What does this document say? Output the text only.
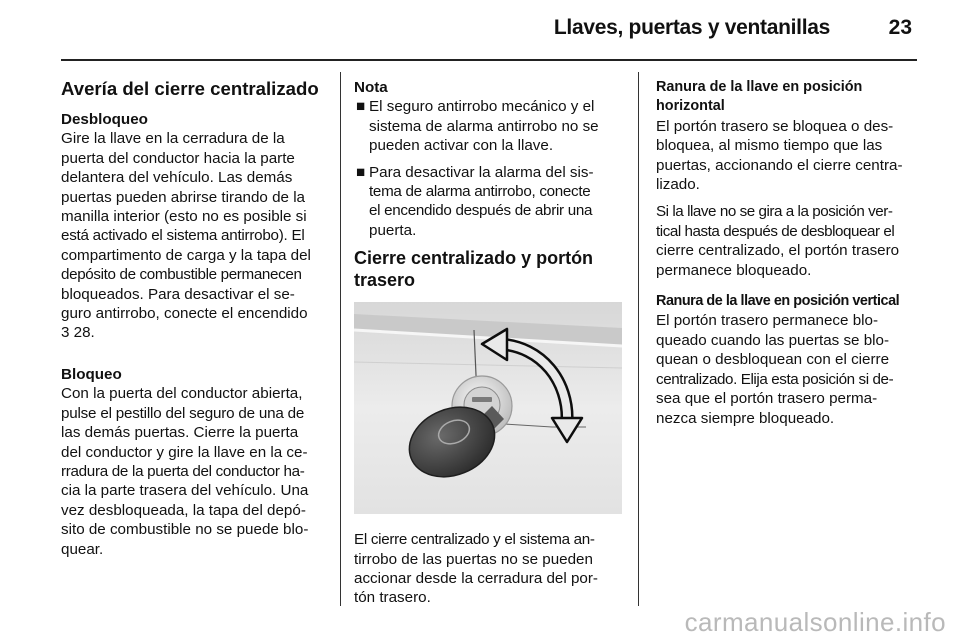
Llaves, puertas y ventanillas	23
Avería del cierre centralizado
Desbloqueo

Gire la llave en la cerradura de la
puerta del conductor hacia la parte
delantera del vehículo. Las demás
puertas pueden abrirse tirando de la
manilla interior (esto no es posible si
está activado el sistema antirrobo). El
compartimento de carga y la tapa del
depósito de combustible permanecen
bloqueados. Para desactivar el se-
guro antirrobo, conecte el encendido
3 28.

Bloqueo

Con la puerta del conductor abierta,
pulse el pestillo del seguro de una de
las demás puertas. Cierre la puerta
del conductor y gire la llave en la ce-
rradura de la puerta del conductor ha-
cia la parte trasera del vehículo. Una
vez desbloqueada, la tapa del depó-
sito de combustible no se puede blo-
quear.

Nota
■ El seguro antirrobo mecánico y el
sistema de alarma antirrobo no se
pueden activar con la llave.
■ Para desactivar la alarma del sis-
tema de alarma antirrobo, conecte
el encendido después de abrir una
puerta.
Cierre centralizado y portón
trasero

El cierre centralizado y el sistema an-
tirrobo de las puertas no se pueden
accionar desde la cerradura del por-
tón trasero.

Ranura de la llave en posición
horizontal

El portón trasero se bloquea o des-
bloquea, al mismo tiempo que las
puertas, accionando el cierre centra-
lizado.

Si la llave no se gira a la posición ver-
tical hasta después de desbloquear el
cierre centralizado, el portón trasero
permanece bloqueado.

Ranura de la llave en posición vertical

El portón trasero permanece blo-
queado cuando las puertas se blo-
quean o desbloquean con el cierre
centralizado. Elija esta posición si de-
sea que el portón trasero perma-
nezca siempre bloqueado.

carmanualsonline.info
